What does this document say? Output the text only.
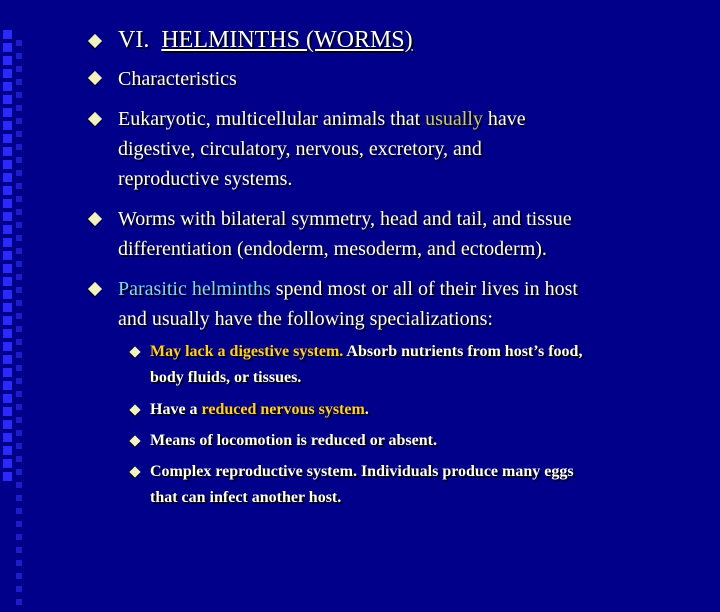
VI. HELMINTHS (WORMS)
Characteristics
Eukaryotic, multicellular animals that usually have
digestive, circulatory, nervous, excretory, and
reproductive systems.
Worms with bilateral symmetry, head and tail, and tissue
differentiation (endoderm, mesoderm, and ectoderm).
Parasitic helminths spend most or all of their lives in host
and usually have the following specializations:
May lack a digestive system. Absorb nutrients from host’s food,
body fluids, or tissues.
Have a reduced nervous system.
Means of locomotion is reduced or absent.
Complex reproductive system. Individuals produce many eggs
that can infect another host.
